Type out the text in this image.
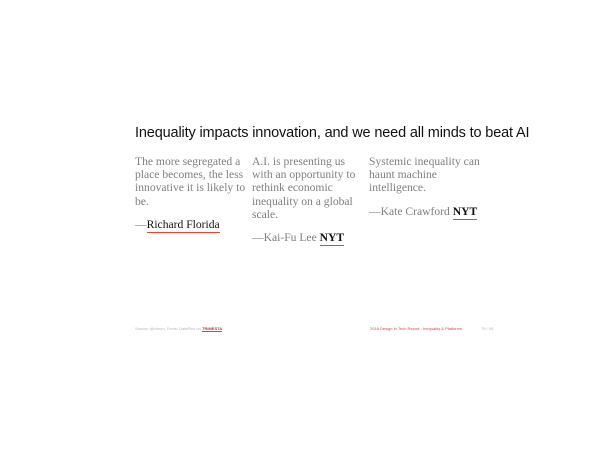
Inequality impacts innovation, and we need all minds to beat AI

The more segregated a place becomes, the less innovative it is likely to be.

—Richard Florida

A.I. is presenting us with an opportunity to rethink economic inequality on a global scale.

—Kai-Fu Lee NYT

Systemic inequality can haunt machine intelligence.

—Kate Crawford NYT
Source: @cinnm, Fonts: DataPlus on TRIMESTA	2018 Design In Tech Report · Inequality & Platforms	75 / 95
